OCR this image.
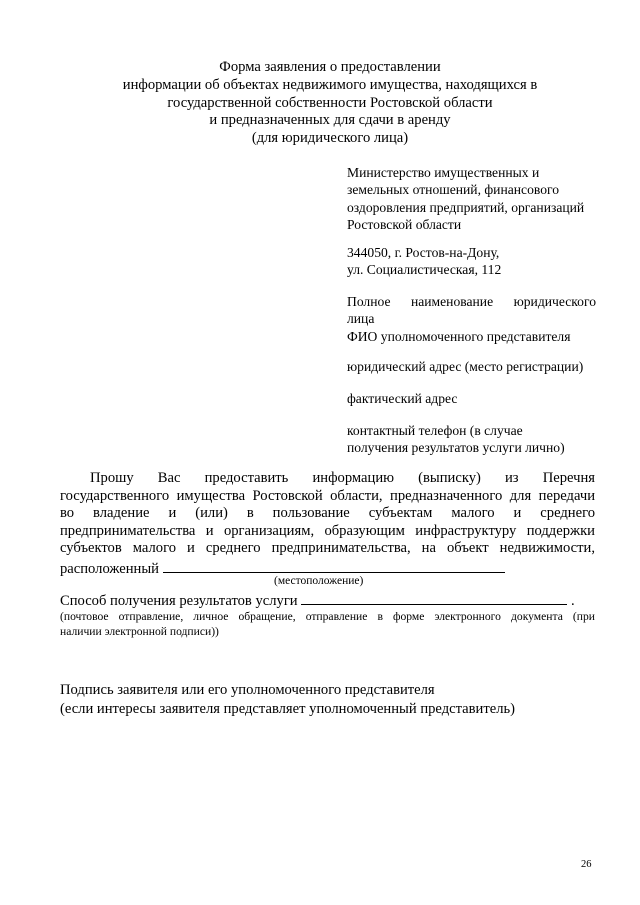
Форма заявления о предоставлении
информации об объектах недвижимого имущества, находящихся в
государственной собственности Ростовской области
и предназначенных для сдачи в аренду
(для юридического лица)
Министерство имущественных и
земельных отношений, финансового
оздоровления предприятий, организаций
Ростовской области
344050, г. Ростов-на-Дону,
ул. Социалистическая, 112
Полное наименование юридического
лица
ФИО уполномоченного представителя
юридический адрес (место регистрации)
фактический адрес
контактный телефон (в случае
получения результатов услуги лично)
Прошу Вас предоставить информацию (выписку) из Перечня
государственного имущества Ростовской области, предназначенного для передачи
во владение и (или) в пользование субъектам малого и среднего
предпринимательства и организациям, образующим инфраструктуру поддержки
субъектов малого и среднего предпринимательства, на объект недвижимости,
расположенный
(местоположение)
Способ получения результатов услуги	.
(почтовое отправление, личное обращение, отправление в форме электронного документа (при
наличии электронной подписи))
Подпись заявителя или его уполномоченного представителя
(если интересы заявителя представляет уполномоченный представитель)
26
